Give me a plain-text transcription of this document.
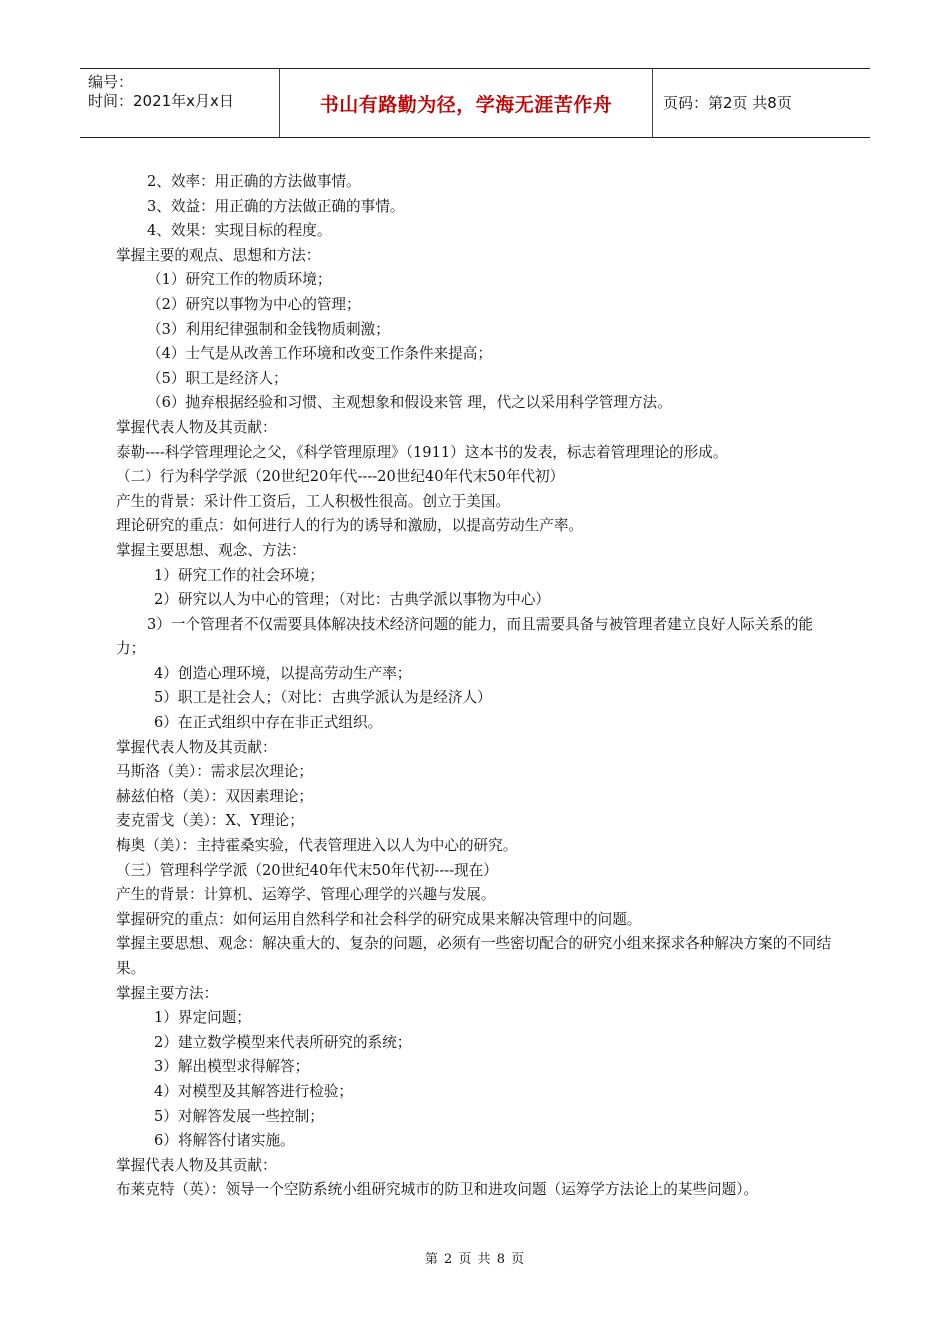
编号：
时间：2021年x月x日	书山有路勤为径，学海无涯苦作舟	页码：第2页 共8页
2、效率：用正确的方法做事情。
3、效益：用正确的方法做正确的事情。
4、效果：实现目标的程度。
掌握主要的观点、思想和方法：
（1）研究工作的物质环境；
（2）研究以事物为中心的管理；
（3）利用纪律强制和金钱物质刺激；
（4）士气是从改善工作环境和改变工作条件来提高；
（5）职工是经济人；
（6）抛弃根据经验和习惯、主观想象和假设来管 理，代之以采用科学管理方法。
掌握代表人物及其贡献：
泰勒----科学管理理论之父，《科学管理原理》（1911）这本书的发表，标志着管理理论的形成。
（二）行为科学学派（20世纪20年代----20世纪40年代末50年代初）
产生的背景：采计件工资后，工人积极性很高。创立于美国。
理论研究的重点：如何进行人的行为的诱导和激励，以提高劳动生产率。
掌握主要思想、观念、方法：
1）研究工作的社会环境；
2）研究以人为中心的管理；（对比：古典学派以事物为中心）
3）一个管理者不仅需要具体解决技术经济问题的能力，而且需要具备与被管理者建立良好人际关系的能力；
4）创造心理环境，以提高劳动生产率；
5）职工是社会人；（对比：古典学派认为是经济人）
6）在正式组织中存在非正式组织。
掌握代表人物及其贡献：
马斯洛（美）：需求层次理论；
赫兹伯格（美）：双因素理论；
麦克雷戈（美）：X、Y理论；
梅奥（美）：主持霍桑实验，代表管理进入以人为中心的研究。
（三）管理科学学派（20世纪40年代末50年代初----现在）
产生的背景：计算机、运筹学、管理心理学的兴趣与发展。
掌握研究的重点：如何运用自然科学和社会科学的研究成果来解决管理中的问题。
掌握主要思想、观念：解决重大的、复杂的问题，必须有一些密切配合的研究小组来探求各种解决方案的不同结果。
掌握主要方法：
1）界定问题；
2）建立数学模型来代表所研究的系统；
3）解出模型求得解答；
4）对模型及其解答进行检验；
5）对解答发展一些控制；
6）将解答付诸实施。
掌握代表人物及其贡献：
布莱克特（英）：领导一个空防系统小组研究城市的防卫和进攻问题（运筹学方法论上的某些问题）。
第 2 页 共 8 页
